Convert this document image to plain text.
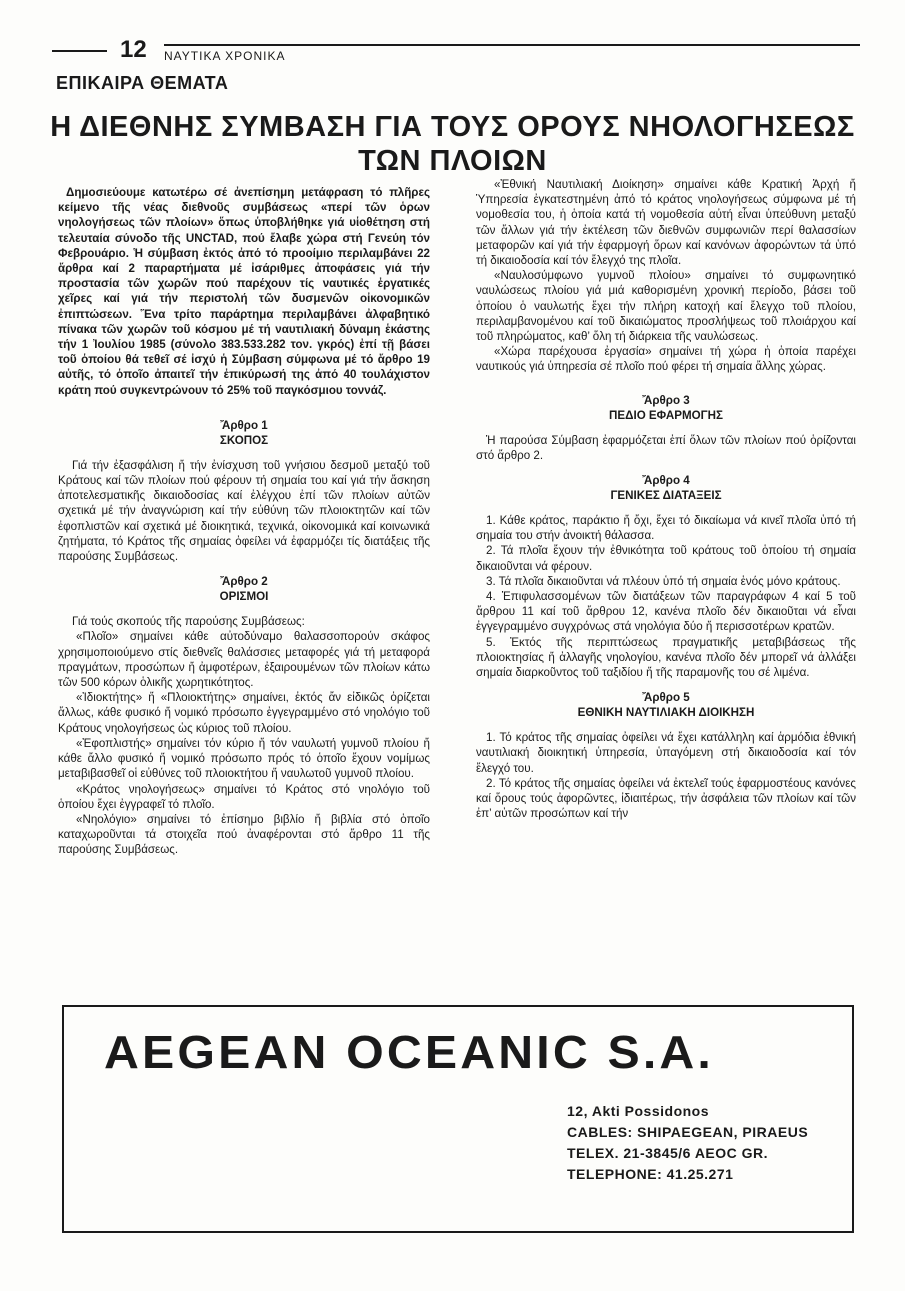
12 ΝΑΥΤΙΚΑ ΧΡΟΝΙΚΑ
ΕΠΙΚΑΙΡΑ ΘΕΜΑΤΑ
Η ΔΙΕΘΝΗΣ ΣΥΜΒΑΣΗ ΓΙΑ ΤΟΥΣ ΟΡΟΥΣ ΝΗΟΛΟΓΗΣΕΩΣ ΤΩΝ ΠΛΟΙΩΝ

Δημοσιεύουμε κατωτέρω σέ ἀνεπίσημη μετάφραση τό πλῆρες κείμενο τῆς νέας διεθνοῦς συμβάσεως «περί τῶν ὁρων νηολογήσεως τῶν πλοίων» ὅπως ὑποβλήθηκε γιά υἱοθέτηση στή τελευταία σύνοδο τῆς UNCTAD, πού ἔλαβε χώρα στή Γενεύη τόν Φεβρουάριο. Ἡ σύμβαση ἐκτός ἀπό τό προοίμιο περιλαμβάνει 22 ἄρθρα καί 2 παραρτήματα μέ ἰσάριθμες ἀποφάσεις γιά τήν προστασία τῶν χωρῶν πού παρέχουν τίς ναυτικές ἐργατικές χεῖρες καί γιά τήν περιστολή τῶν δυσμενῶν οἰκονομικῶν ἐπιπτώσεων. Ἕνα τρίτο παράρτημα περιλαμβάνει ἀλφαβητικό πίνακα τῶν χωρῶν τοῦ κόσμου μέ τή ναυτιλιακή δύναμη ἑκάστης τήν 1 Ἰουλίου 1985 (σύνολο 383.533.282 τον. γκρός) ἐπί τῇ βάσει τοῦ ὁποίου θά τεθεῖ σέ ἰσχύ ἡ Σύμβαση σύμφωνα μέ τό ἄρθρο 19 αὐτῆς, τό ὁποῖο ἀπαιτεῖ τήν ἐπικύρωσή της ἀπό 40 τουλάχιστον κράτη πού συγκεντρώνουν τό 25% τοῦ παγκόσμιου τοννάζ.

Ἄρθρο 1
ΣΚΟΠΟΣ

Γιά τήν ἐξασφάλιση ἤ τήν ἐνίσχυση τοῦ γνήσιου δεσμοῦ μεταξύ τοῦ Κράτους καί τῶν πλοίων πού φέρουν τή σημαία του καί γιά τήν ἄσκηση ἀποτελεσματικῆς δικαιοδοσίας καί ἐλέγχου ἐπί τῶν πλοίων αὐτῶν σχετικά μέ τήν ἀναγνώριση καί τήν εὐθύνη τῶν πλοιοκτητῶν καί τῶν ἐφοπλιστῶν καί σχετικά μέ διοικητικά, τεχνικά, οἰκονομικά καί κοινωνικά ζητήματα, τό Κράτος τῆς σημαίας ὀφείλει νά ἐφαρμόζει τίς διατάξεις τῆς παρούσης Συμβάσεως.

Ἄρθρο 2
ΟΡΙΣΜΟΙ

Γιά τούς σκοπούς τῆς παρούσης Συμβάσεως:

«Πλοῖο» σημαίνει κάθε αὐτοδύναμο θαλασσοπορούν σκάφος χρησιμοποιούμενο στίς διεθνεῖς θαλάσσιες μεταφορές γιά τή μεταφορά πραγμάτων, προσώπων ἤ ἀμφοτέρων, ἐξαιρουμένων τῶν πλοίων κάτω τῶν 500 κόρων ὁλικῆς χωρητικότητος.

«Ἰδιοκτήτης» ἤ «Πλοιοκτήτης» σημαίνει, ἐκτός ἄν εἰδικῶς ὁρίζεται ἄλλως, κάθε φυσικό ἤ νομικό πρόσωπο ἐγγεγραμμένο στό νηολόγιο τοῦ Κράτους νηολογήσεως ὡς κύριος τοῦ πλοίου.

«Ἐφοπλιστής» σημαίνει τόν κύριο ἤ τόν ναυλωτή γυμνοῦ πλοίου ἤ κάθε ἄλλο φυσικό ἤ νομικό πρόσωπο πρός τό ὁποῖο ἔχουν νομίμως μεταβιβασθεῖ οἱ εὐθύνες τοῦ πλοιοκτήτου ἤ ναυλωτοῦ γυμνοῦ πλοίου.

«Κράτος νηολογήσεως» σημαίνει τό Κράτος στό νηολόγιο τοῦ ὁποίου ἔχει ἐγγραφεῖ τό πλοῖο.

«Νηολόγιο» σημαίνει τό ἐπίσημο βιβλίο ἤ βιβλία στό ὁποῖο καταχωροῦνται τά στοιχεῖα πού ἀναφέρονται στό ἄρθρο 11 τῆς παρούσης Συμβάσεως.

«Ἐθνική Ναυτιλιακή Διοίκηση» σημαίνει κάθε Κρατική Ἀρχή ἤ Ὑπηρεσία ἐγκατεστημένη ἀπό τό κράτος νηολογήσεως σύμφωνα μέ τή νομοθεσία του, ἡ ὁποία κατά τή νομοθεσία αὐτή εἶναι ὑπεύθυνη μεταξύ τῶν ἄλλων γιά τήν ἐκτέλεση τῶν διεθνῶν συμφωνιῶν περί θαλασσίων μεταφορῶν καί γιά τήν ἐφαρμογή ὅρων καί κανόνων ἀφορώντων τά ὑπό τή δικαιοδοσία καί τόν ἔλεγχό της πλοῖα.

«Ναυλοσύμφωνο γυμνοῦ πλοίου» σημαίνει τό συμφωνητικό ναυλώσεως πλοίου γιά μιά καθορισμένη χρονική περίοδο, βάσει τοῦ ὁποίου ὁ ναυλωτής ἔχει τήν πλήρη κατοχή καί ἔλεγχο τοῦ πλοίου, περιλαμβανομένου καί τοῦ δικαιώματος προσλήψεως τοῦ πλοιάρχου καί τοῦ πληρώματος, καθ’ ὅλη τή διάρκεια τῆς ναυλώσεως.

«Χώρα παρέχουσα ἐργασία» σημαίνει τή χώρα ἡ ὁποία παρέχει ναυτικούς γιά ὑπηρεσία σέ πλοῖο πού φέρει τή σημαία ἄλλης χώρας.

Ἄρθρο 3
ΠΕΔΙΟ ΕΦΑΡΜΟΓΗΣ

Ἡ παρούσα Σύμβαση ἐφαρμόζεται ἐπί ὅλων τῶν πλοίων πού ὁρίζονται στό ἄρθρο 2.

Ἄρθρο 4
ΓΕΝΙΚΕΣ ΔΙΑΤΑΞΕΙΣ

1. Κάθε κράτος, παράκτιο ἤ ὄχι, ἔχει τό δικαίωμα νά κινεῖ πλοῖα ὑπό τή σημαία του στήν ἀνοικτή θάλασσα.

2. Τά πλοῖα ἔχουν τήν ἐθνικότητα τοῦ κράτους τοῦ ὁποίου τή σημαία δικαιοῦνται νά φέρουν.

3. Τά πλοῖα δικαιοῦνται νά πλέουν ὑπό τή σημαία ἑνός μόνο κράτους.

4. Ἐπιφυλασσομένων τῶν διατάξεων τῶν παραγράφων 4 καί 5 τοῦ ἄρθρου 11 καί τοῦ ἄρθρου 12, κανένα πλοῖο δέν δικαιοῦται νά εἶναι ἐγγεγραμμένο συγχρόνως στά νηολόγια δύο ἤ περισσοτέρων κρατῶν.

5. Ἐκτός τῆς περιπτώσεως πραγματικῆς μεταβιβάσεως τῆς πλοιοκτησίας ἤ ἀλλαγῆς νηολογίου, κανένα πλοῖο δέν μπορεῖ νά ἀλλάξει σημαία διαρκοῦντος τοῦ ταξιδίου ἤ τῆς παραμονῆς του σέ λιμένα.

Ἄρθρο 5
ΕΘΝΙΚΗ ΝΑΥΤΙΛΙΑΚΗ ΔΙΟΙΚΗΣΗ

1. Τό κράτος τῆς σημαίας ὀφείλει νά ἔχει κατάλληλη καί ἁρμόδια ἐθνική ναυτιλιακή διοικητική ὑπηρεσία, ὑπαγόμενη στή δικαιοδοσία καί τόν ἔλεγχό του.

2. Τό κράτος τῆς σημαίας ὀφείλει νά ἐκτελεῖ τούς ἐφαρμοστέους κανόνες καί ὅρους τούς ἀφορῶντες, ἰδιαιτέρως, τήν ἀσφάλεια τῶν πλοίων καί τῶν ἐπ’ αὐτῶν προσώπων καί τήν

AEGEAN OCEANIC S.A.
12, Akti Possidonos
CABLES: SHIPAEGEAN, PIRAEUS
TELEX. 21-3845/6 AEOC GR.
TELEPHONE: 41.25.271
